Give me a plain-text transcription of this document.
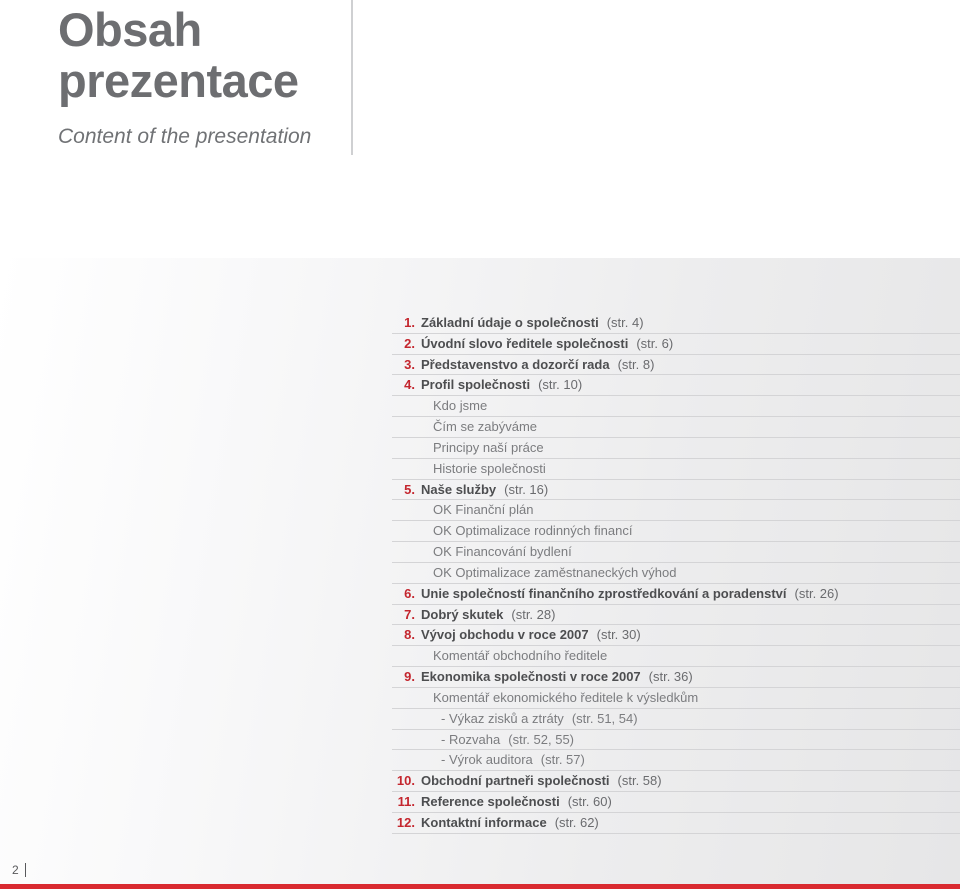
Obsah
prezentace

Content of the presentation

1. Základní údaje o společnosti (str. 4)
2. Úvodní slovo ředitele společnosti (str. 6)
3. Představenstvo a dozorčí rada (str. 8)
4. Profil společnosti (str. 10)
Kdo jsme
Čím se zabýváme
Principy naší práce
Historie společnosti
5. Naše služby (str. 16)
OK Finanční plán
OK Optimalizace rodinných financí
OK Financování bydlení
OK Optimalizace zaměstnaneckých výhod
6. Unie společností finančního zprostředkování a poradenství (str. 26)
7. Dobrý skutek (str. 28)
8. Vývoj obchodu v roce 2007 (str. 30)
Komentář obchodního ředitele
9. Ekonomika společnosti v roce 2007 (str. 36)
Komentář ekonomického ředitele k výsledkům
- Výkaz zisků a ztráty (str. 51, 54)
- Rozvaha (str. 52, 55)
- Výrok auditora (str. 57)
10. Obchodní partneři společnosti (str. 58)
11. Reference společnosti (str. 60)
12. Kontaktní informace (str. 62)
2
